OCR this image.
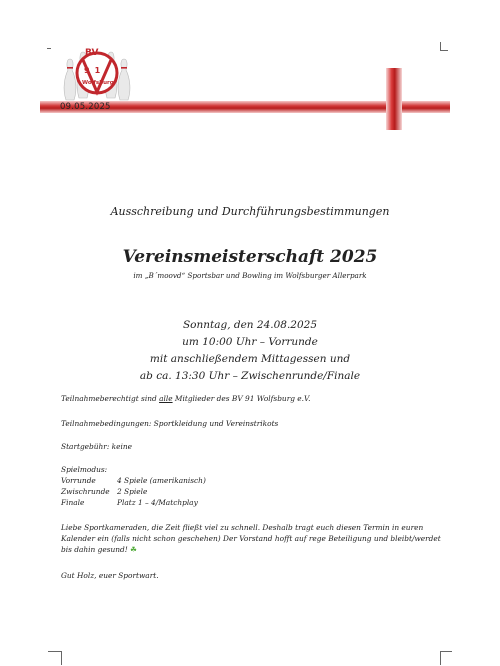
BV
91
Wolfsburg
09.05.2025
Ausschreibung und Durchführungsbestimmungen
Vereinsmeisterschaft 2025
im „B´moovd“ Sportsbar und Bowling im Wolfsburger Allerpark
Sonntag, den 24.08.2025
um 10:00 Uhr – Vorrunde
mit anschließendem Mittagessen und
ab ca. 13:30 Uhr – Zwischenrunde/Finale
Teilnahmeberechtigt sind alle Mitglieder des BV 91 Wolfsburg e.V.
Teilnahmebedingungen: Sportkleidung und Vereinstrikots
Startgebühr: keine
Spielmodus:
Vorrunde	4 Spiele (amerikanisch)
Zwischrunde 2 Spiele
Finale	Platz 1 – 4/Matchplay
Liebe Sportkameraden, die Zeit fließt viel zu schnell. Deshalb tragt euch diesen Termin in euren Kalender ein (falls nicht schon geschehen) Der Vorstand hofft auf rege Beteiligung und bleibt/werdet bis dahin gesund! ☘
Gut Holz, euer Sportwart.
